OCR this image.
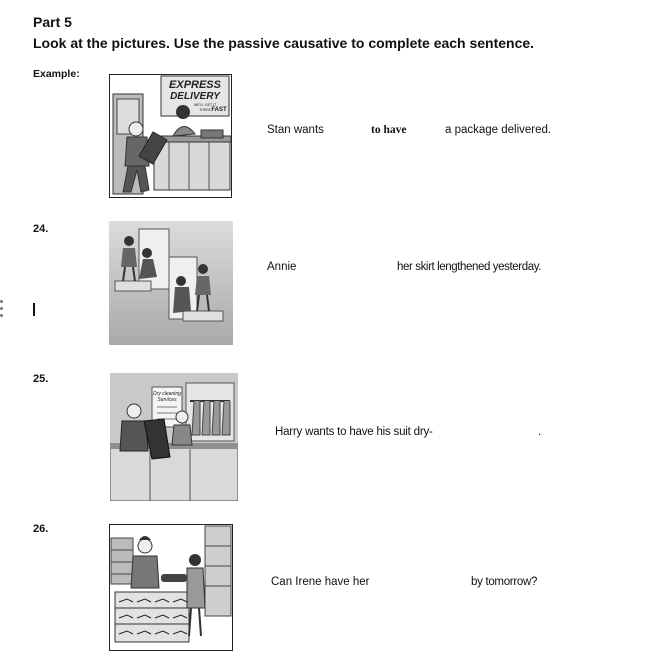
Part 5
Look at the pictures. Use the passive causative to complete each sentence.
Example:
EXPRESS
DELIVERY
WE'LL GET IT
THERE FAST
Stan wants	to have	a package delivered.
24.
Annie	her skirt lengthened yesterday.
25.
Dry cleaning
Services
Harry wants to have his suit dry-	.
26.
Can Irene have her	by tomorrow?
